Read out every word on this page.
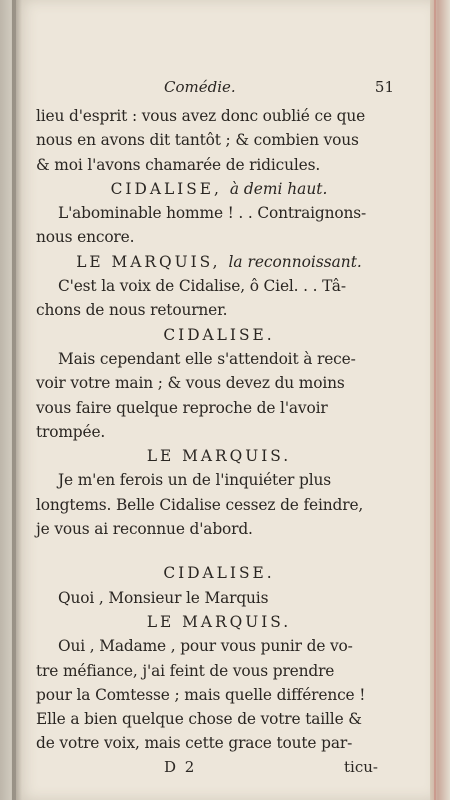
Comédie.	51
lieu d'esprit : vous avez donc oublié ce que
nous en avons dit tantôt ; & combien vous
& moi l'avons chamarée de ridicules.
CIDALISE, à demi haut.
L'abominable homme ! . . Contraignons-
nous encore.
LE MARQUIS, la reconnoissant.
C'est la voix de Cidalise, ô Ciel. . . Tâ-
chons de nous retourner.
CIDALISE.
Mais cependant elle s'attendoit à rece-
voir votre main ; & vous devez du moins
vous faire quelque reproche de l'avoir
trompée.
LE MARQUIS.
Je m'en ferois un de l'inquiéter plus
longtems. Belle Cidalise cessez de feindre,
je vous ai reconnue d'abord.
CIDALISE.
Quoi , Monsieur le Marquis
LE MARQUIS.
Oui , Madame , pour vous punir de vo-
tre méfiance, j'ai feint de vous prendre
pour la Comtesse ; mais quelle différence !
Elle a bien quelque chose de votre taille &
de votre voix, mais cette grace toute par-
D 2	ticu-
